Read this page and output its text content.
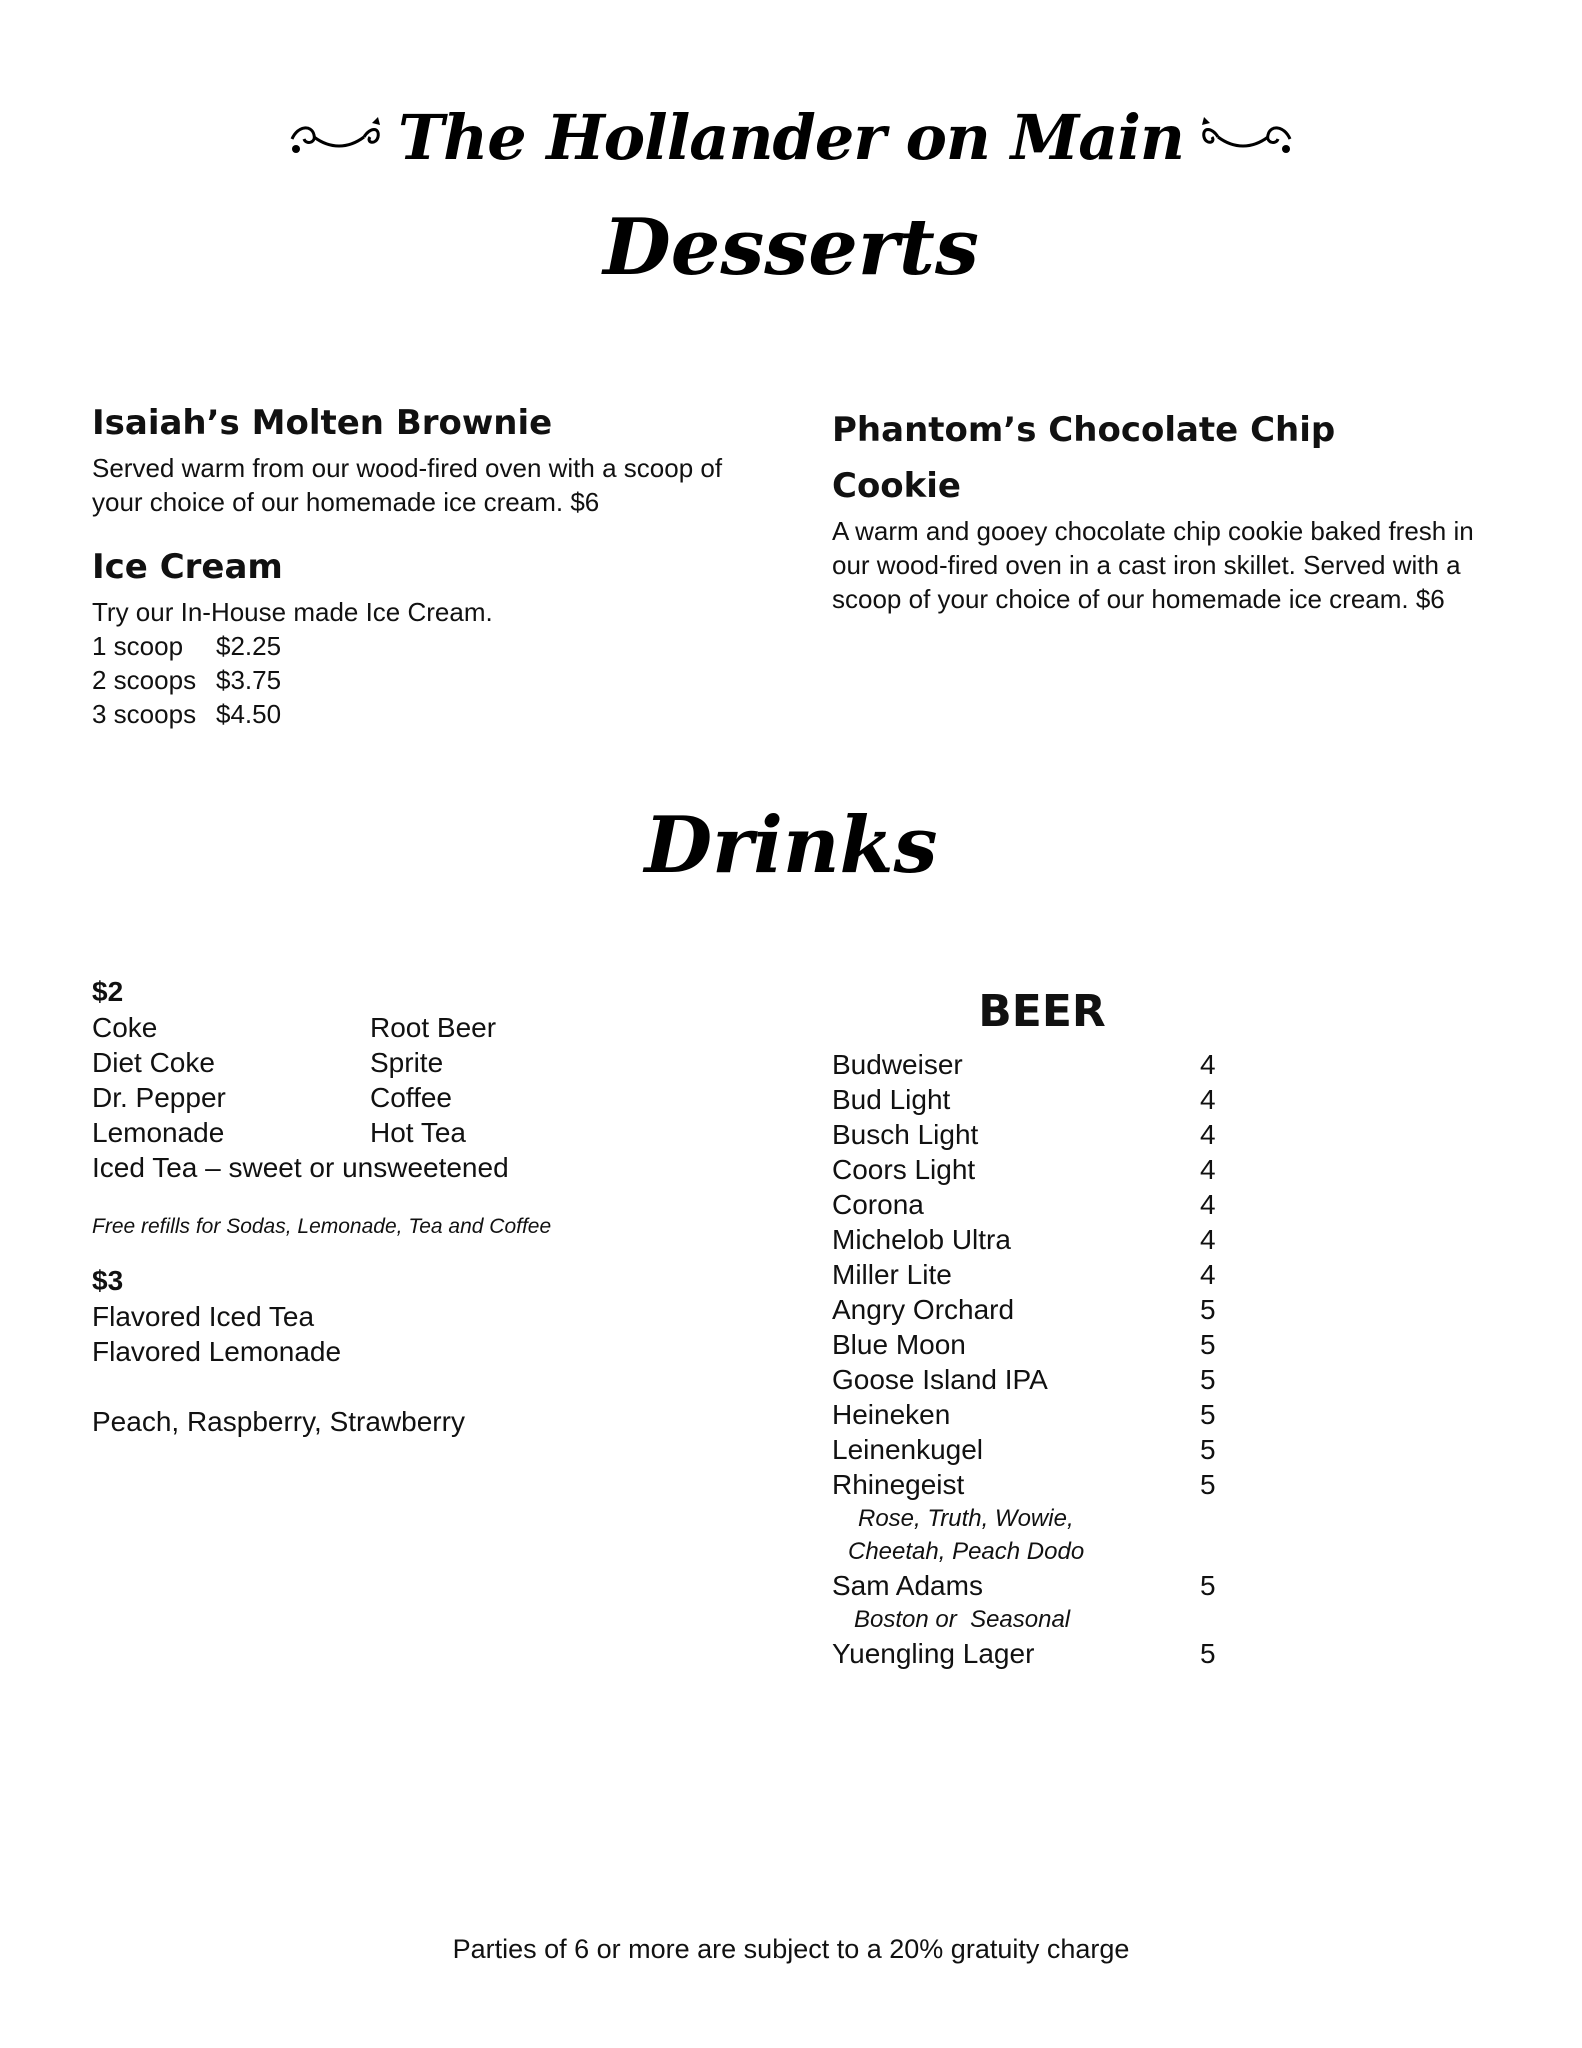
The Hollander on Main
Desserts

Isaiah’s Molten Brownie

Served warm from our wood-fired oven with a scoop of your choice of our homemade ice cream. $6

Ice Cream

Try our In-House made Ice Cream.
1 scoop	$2.25
2 scoops $3.75
3 scoops $4.50

Phantom’s Chocolate Chip

Cookie

A warm and gooey chocolate chip cookie baked fresh in our wood-fired oven in a cast iron skillet. Served with a scoop of your choice of our homemade ice cream. $6

Drinks

$2

Coke	Root Beer
Diet Coke	Sprite
Dr. Pepper	Coffee
Lemonade	Hot Tea
Iced Tea – sweet or unsweetened
Free refills for Sodas, Lemonade, Tea and Coffee

$3

Flavored Iced Tea
Flavored Lemonade
Peach, Raspberry, Strawberry
BEER
Budweiser	4
Bud Light	4
Busch Light	4
Coors Light	4
Corona	4
Michelob Ultra	4
Miller Lite	4
Angry Orchard	5
Blue Moon	5
Goose Island IPA	5
Heineken	5
Leinenkugel	5
Rhinegeist	5
Rose, Truth, Wowie,
Cheetah, Peach Dodo
Sam Adams	5
Boston or  Seasonal
Yuengling Lager	5
Parties of 6 or more are subject to a 20% gratuity charge
